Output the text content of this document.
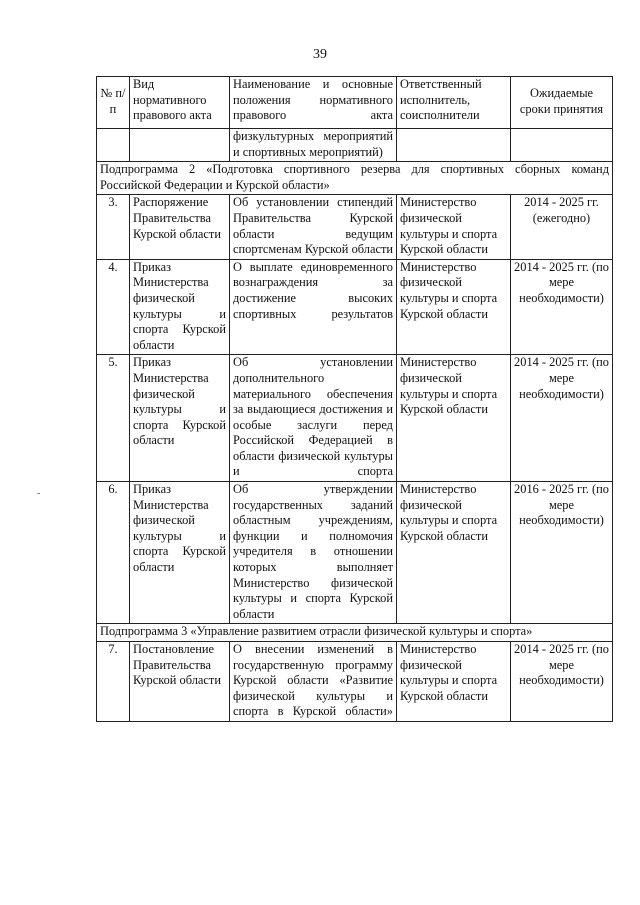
39
-
№ п/п	Вид нормативного правового акта	Наименование и основные положения нормативного правового акта	Ответственный исполнитель, соисполнители	Ожидаемые сроки принятия
		физкультурных мероприятий и спортивных мероприятий)		
Подпрограмма 2 «Подготовка спортивного резерва для спортивных сборных команд Российской Федерации и Курской области»				
3.	Распоряжение Правительства Курской области	Об установлении стипендий Правительства Курской области ведущим спортсменам Курской области	Министерство физической культуры и спорта Курской области	2014 - 2025 гг. (ежегодно)
4.	Приказ Министерства физической культуры и спорта Курской области	О выплате единовременного вознаграждения за достижение высоких спортивных результатов	Министерство физической культуры и спорта Курской области	2014 - 2025 гг. (по мере необходимости)
5.	Приказ Министерства физической культуры и спорта Курской области	Об установлении дополнительного материального обеспечения за выдающиеся достижения и особые заслуги перед Российской Федерацией в области физической культуры и спорта	Министерство физической культуры и спорта Курской области	2014 - 2025 гг. (по мере необходимости)
6.	Приказ Министерства физической культуры и спорта Курской области	Об утверждении государственных заданий областным учреждениям, функции и полномочия учредителя в отношении которых выполняет Министерство физической культуры и спорта Курской области	Министерство физической культуры и спорта Курской области	2016 - 2025 гг. (по мере необходимости)
Подпрограмма 3 «Управление развитием отрасли физической культуры и спорта»				
7.	Постановление Правительства Курской области	О внесении изменений в государственную программу Курской области «Развитие физической культуры и спорта в Курской области»	Министерство физической культуры и спорта Курской области	2014 - 2025 гг. (по мере необходимости)
